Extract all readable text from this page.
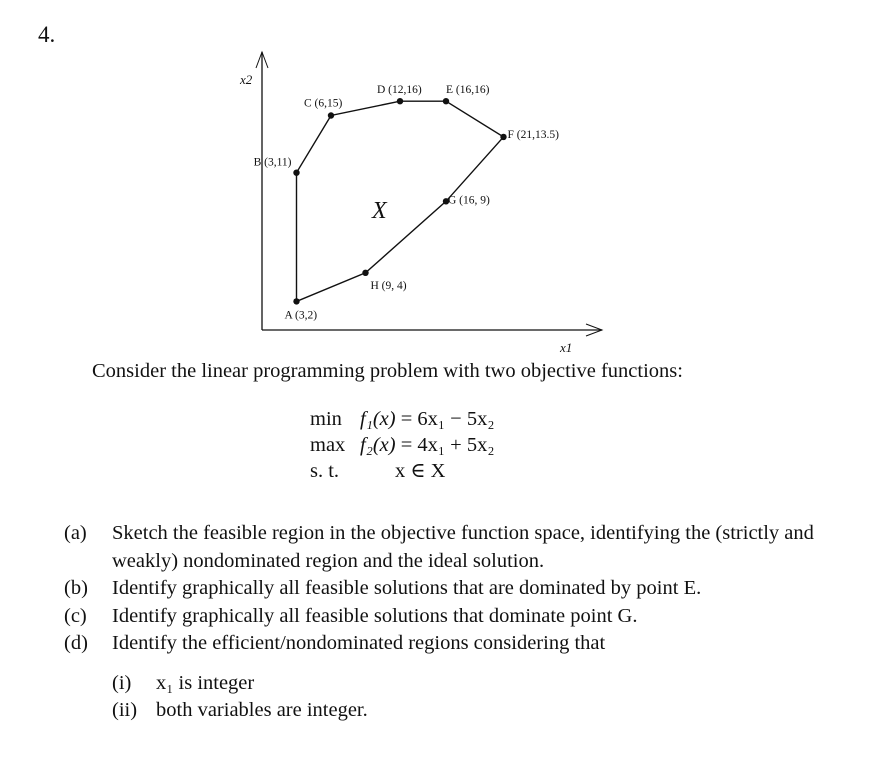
4.
x2
x1
A (3,2)
B (3,11)
C (6,15)
D (12,16) E (16,16)
F (21,13.5)
G (16, 9)
H (9, 4)
X
Consider the linear programming problem with two objective functions:
min f₁(x) = 6x₁ − 5x₂
max f₂(x) = 4x₁ + 5x₂
s. t.	x ∈ X
(a)	Sketch the feasible region in the objective function space, identifying the (strictly and weakly) nondominated region and the ideal solution.
(b)	Identify graphically all feasible solutions that are dominated by point E.
(c)	Identify graphically all feasible solutions that dominate point G.
(d)	Identify the efficient/nondominated regions considering that
(i)	x₁ is integer
(ii) both variables are integer.
